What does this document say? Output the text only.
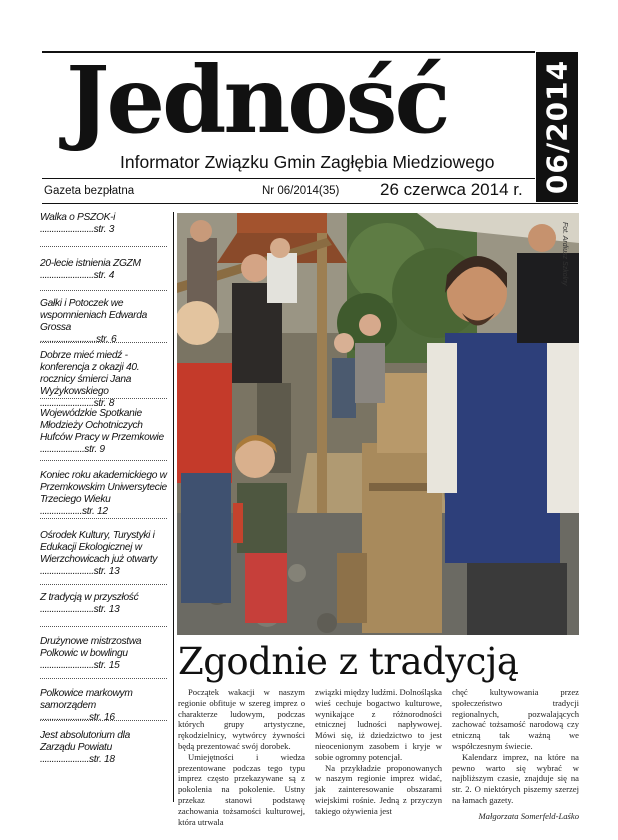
Jedność
Informator Związku Gmin Zagłębia Miedziowego	06/2014
Gazeta bezpłatna	Nr 06/2014(35) 26 czerwca 2014 r.
Walka o PSZOK-i
.......................str. 3
20-lecie istnienia ZGZM
.......................str. 4
Gałki i Potoczek we wspomnieniach Edwarda Grossa
........................str. 6
Dobrze mieć miedź - konferencja z okazji 40. rocznicy śmierci Jana Wyżykowskiego
.......................str. 8
Wojewódzkie Spotkanie Młodzieży Ochotniczych Hufców Pracy w Przemkowie
...................str. 9
Koniec roku akademickiego w Przemkowskim Uniwersytecie Trzeciego Wieku
..................str. 12
Ośrodek Kultury, Turystyki i Edukacji Ekologicznej w Wierzchowicach już otwarty
.......................str. 13
Z tradycją w przyszłość
.......................str. 13
Drużynowe mistrzostwa Polkowic w bowlingu
.......................str. 15
Polkowice markowym samorządem
.....................str. 16
Jest absolutorium dla Zarządu Powiatu
.....................str. 18
Fot. Ardiusz Szkolny
Zgodnie z tradycją

Początek wakacji w naszym regionie obfituje w szereg imprez o charakterze ludowym, podczas których grupy artystyczne, rękodzielnicy, wytwórcy żywności będą prezentować swój dorobek.

Umiejętności i wiedza prezentowane podczas tego typu imprez często przekazywane są z pokolenia na pokolenie. Ustny przekaz stanowi podstawę zachowania tożsamości kulturowej, która utrwala

związki między ludźmi. Dolnośląska wieś cechuje bogactwo kulturowe, wynikające z różnorodności etnicznej ludności napływowej. Mówi się, iż dziedzictwo to jest nieocenionym zasobem i kryje w sobie ogromny potencjał.

Na przykładzie proponowanych w naszym regionie imprez widać, jak zainteresowanie obszarami wiejskimi rośnie. Jedną z przyczyn takiego ożywienia jest

chęć kultywowania przez społeczeństwo tradycji regionalnych, pozwalających zachować tożsamość narodową czy etniczną tak ważną we współczesnym świecie.

Kalendarz imprez, na które na pewno warto się wybrać w najbliższym czasie, znajduje się na str. 2. O niektórych piszemy szerzej na łamach gazety.

Małgorzata Somerfeld-Laśko
